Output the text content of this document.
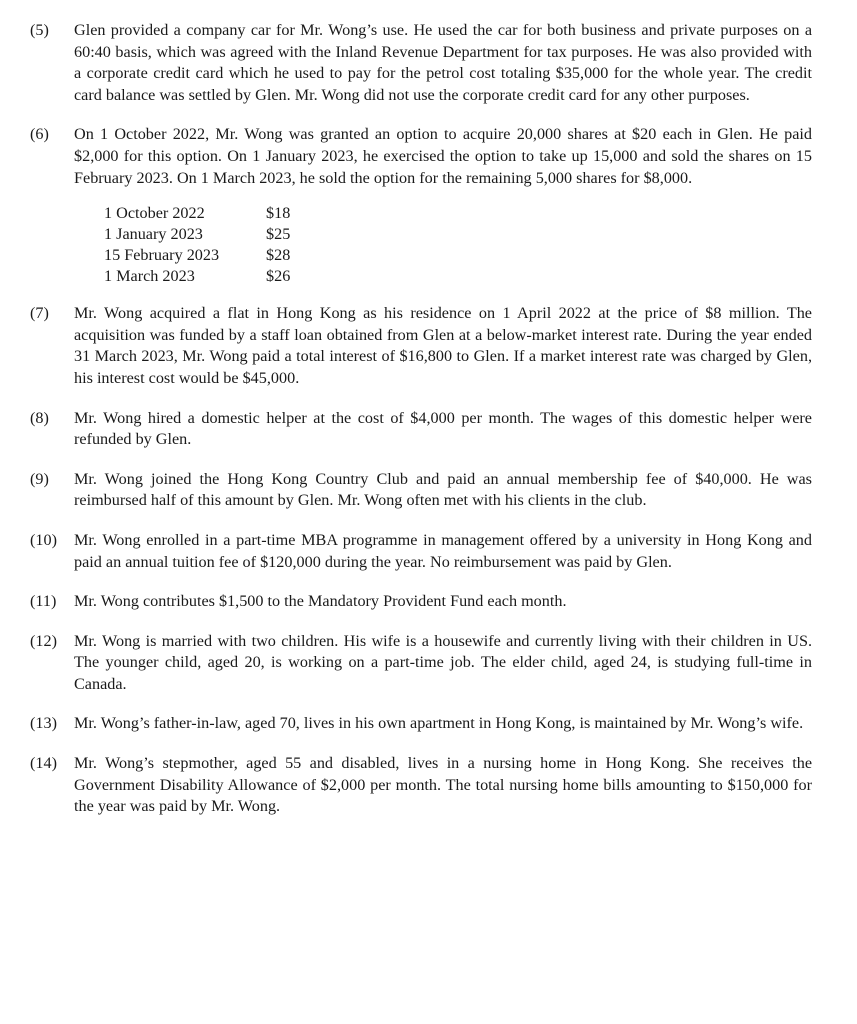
(5)	Glen provided a company car for Mr. Wong’s use. He used the car for both business and private purposes on a 60:40 basis, which was agreed with the Inland Revenue Department for tax purposes. He was also provided with a corporate credit card which he used to pay for the petrol cost totaling $35,000 for the whole year. The credit card balance was settled by Glen. Mr. Wong did not use the corporate credit card for any other purposes.
(6)	On 1 October 2022, Mr. Wong was granted an option to acquire 20,000 shares at $20 each in Glen. He paid $2,000 for this option. On 1 January 2023, he exercised the option to take up 15,000 and sold the shares on 15 February 2023. On 1 March 2023, he sold the option for the remaining 5,000 shares for $8,000.
1 October 2022	$18
1 January 2023	$25
15 February 2023	$28
1 March 2023	$26
(7)	Mr. Wong acquired a flat in Hong Kong as his residence on 1 April 2022 at the price of $8 million. The acquisition was funded by a staff loan obtained from Glen at a below-market interest rate. During the year ended 31 March 2023, Mr. Wong paid a total interest of $16,800 to Glen. If a market interest rate was charged by Glen, his interest cost would be $45,000.
(8)	Mr. Wong hired a domestic helper at the cost of $4,000 per month. The wages of this domestic helper were refunded by Glen.
(9)	Mr. Wong joined the Hong Kong Country Club and paid an annual membership fee of $40,000. He was reimbursed half of this amount by Glen. Mr. Wong often met with his clients in the club.
(10)	Mr. Wong enrolled in a part-time MBA programme in management offered by a university in Hong Kong and paid an annual tuition fee of $120,000 during the year. No reimbursement was paid by Glen.
(11)	Mr. Wong contributes $1,500 to the Mandatory Provident Fund each month.
(12)	Mr. Wong is married with two children. His wife is a housewife and currently living with their children in US. The younger child, aged 20, is working on a part-time job. The elder child, aged 24, is studying full-time in Canada.
(13)	Mr. Wong’s father-in-law, aged 70, lives in his own apartment in Hong Kong, is maintained by Mr. Wong’s wife.
(14)	Mr. Wong’s stepmother, aged 55 and disabled, lives in a nursing home in Hong Kong. She receives the Government Disability Allowance of $2,000 per month. The total nursing home bills amounting to $150,000 for the year was paid by Mr. Wong.
